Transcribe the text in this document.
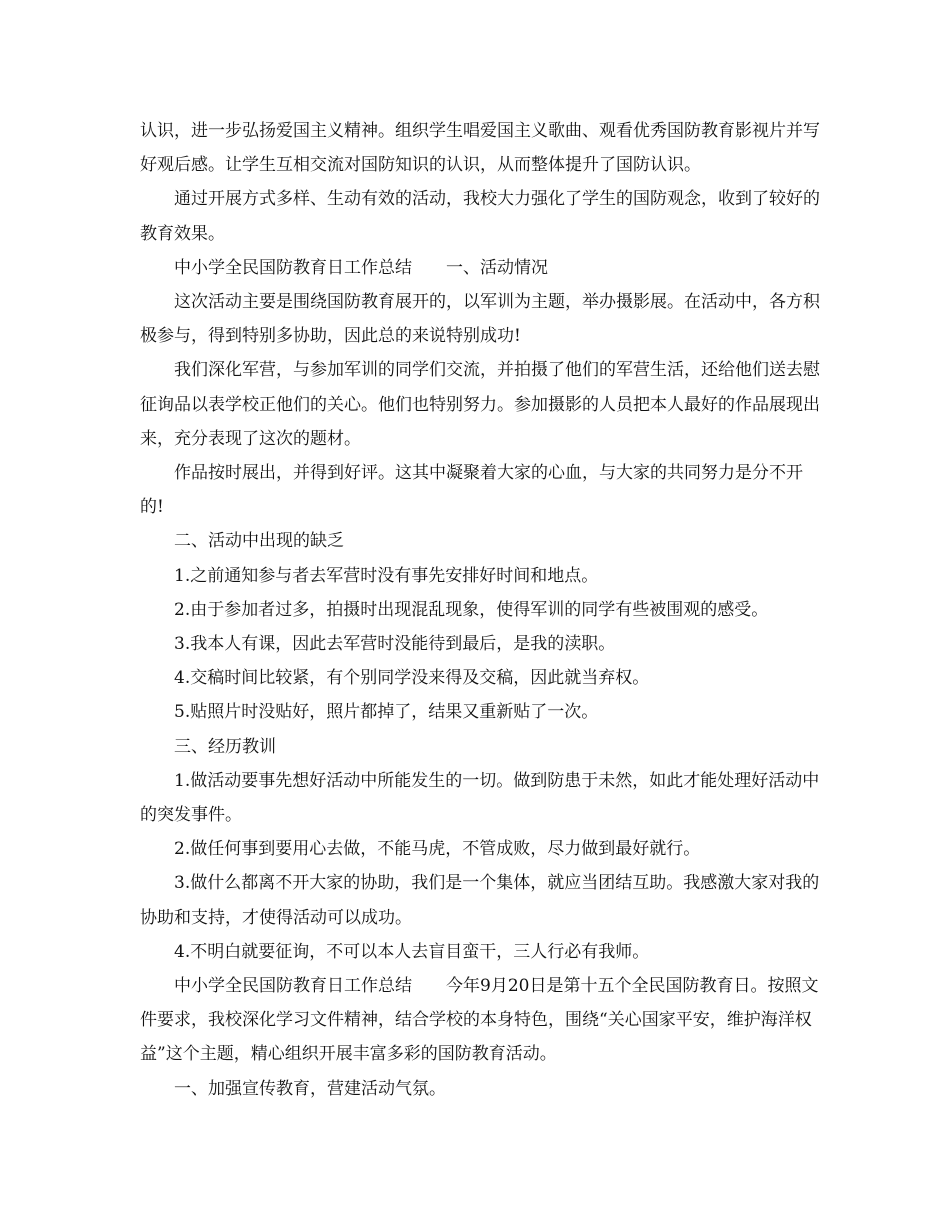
认识，进一步弘扬爱国主义精神。组织学生唱爱国主义歌曲、观看优秀国防教育影视片并写好观后感。让学生互相交流对国防知识的认识，从而整体提升了国防认识。

通过开展方式多样、生动有效的活动，我校大力强化了学生的国防观念，收到了较好的教育效果。

中小学全民国防教育日工作总结　　一、活动情况

这次活动主要是围绕国防教育展开的，以军训为主题，举办摄影展。在活动中，各方积极参与，得到特别多协助，因此总的来说特别成功!

我们深化军营，与参加军训的同学们交流，并拍摄了他们的军营生活，还给他们送去慰征询品以表学校正他们的关心。他们也特别努力。参加摄影的人员把本人最好的作品展现出来，充分表现了这次的题材。

作品按时展出，并得到好评。这其中凝聚着大家的心血，与大家的共同努力是分不开的!

二、活动中出现的缺乏

1.之前通知参与者去军营时没有事先安排好时间和地点。

2.由于参加者过多，拍摄时出现混乱现象，使得军训的同学有些被围观的感受。

3.我本人有课，因此去军营时没能待到最后，是我的渎职。

4.交稿时间比较紧，有个别同学没来得及交稿，因此就当弃权。

5.贴照片时没贴好，照片都掉了，结果又重新贴了一次。

三、经历教训

1.做活动要事先想好活动中所能发生的一切。做到防患于未然，如此才能处理好活动中的突发事件。

2.做任何事到要用心去做，不能马虎，不管成败，尽力做到最好就行。

3.做什么都离不开大家的协助，我们是一个集体，就应当团结互助。我感激大家对我的协助和支持，才使得活动可以成功。

4.不明白就要征询，不可以本人去盲目蛮干，三人行必有我师。

中小学全民国防教育日工作总结　　今年9月20日是第十五个全民国防教育日。按照文件要求，我校深化学习文件精神，结合学校的本身特色，围绕“关心国家平安，维护海洋权益”这个主题，精心组织开展丰富多彩的国防教育活动。

一、加强宣传教育，营建活动气氛。
